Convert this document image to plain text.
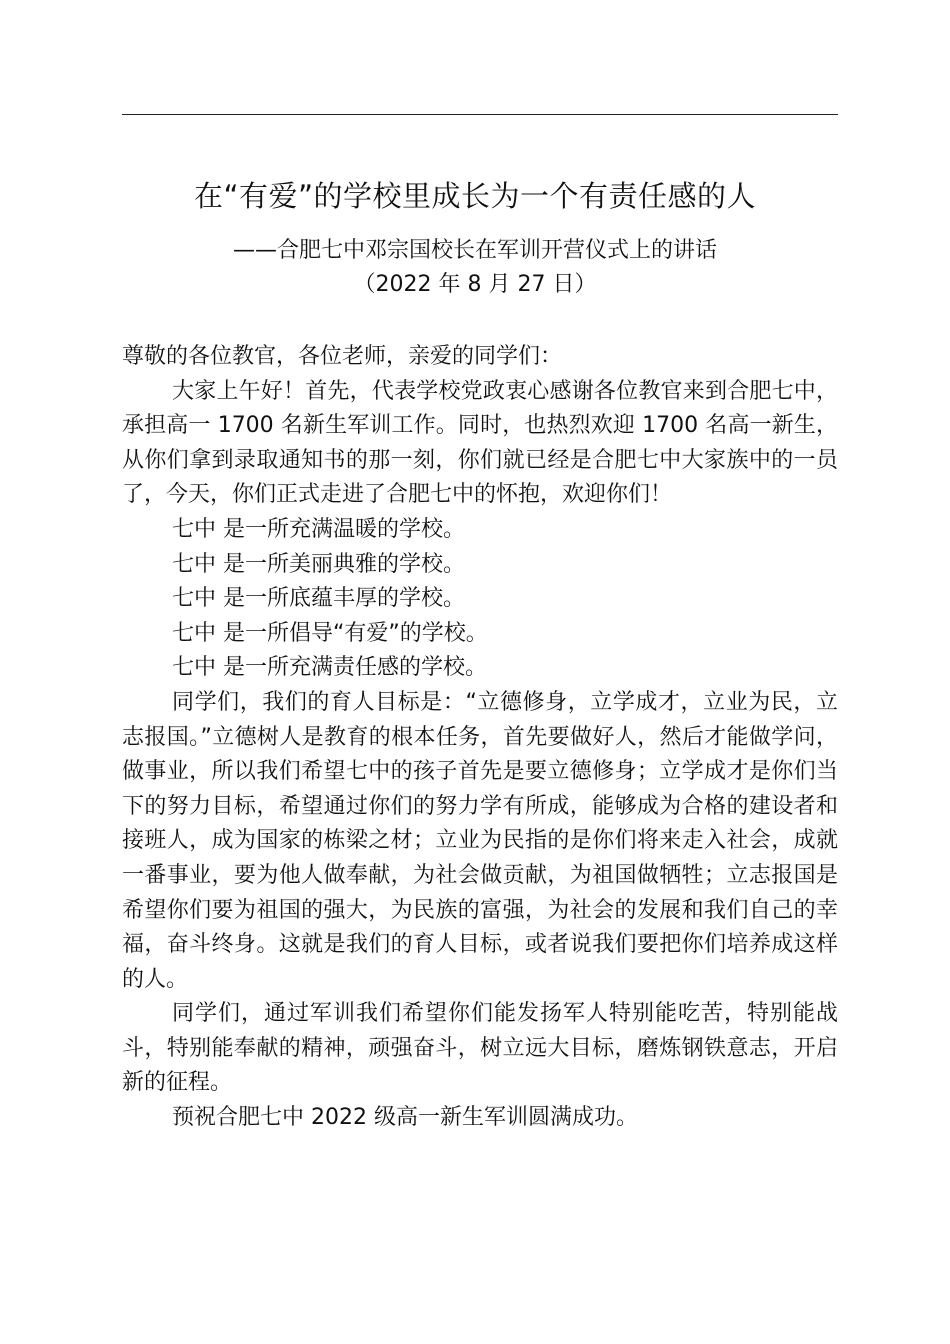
在“有爱”的学校里成长为一个有责任感的人
——合肥七中邓宗国校长在军训开营仪式上的讲话
（2022 年 8 月 27 日）

尊敬的各位教官，各位老师，亲爱的同学们：

大家上午好！首先，代表学校党政衷心感谢各位教官来到合肥七中，承担高一 1700 名新生军训工作。同时，也热烈欢迎 1700 名高一新生，从你们拿到录取通知书的那一刻，你们就已经是合肥七中大家族中的一员了，今天，你们正式走进了合肥七中的怀抱，欢迎你们！

七中 是一所充满温暖的学校。

七中 是一所美丽典雅的学校。

七中 是一所底蕴丰厚的学校。

七中 是一所倡导“有爱”的学校。

七中 是一所充满责任感的学校。

同学们，我们的育人目标是：“立德修身，立学成才，立业为民，立志报国。”立德树人是教育的根本任务，首先要做好人，然后才能做学问，做事业，所以我们希望七中的孩子首先是要立德修身；立学成才是你们当下的努力目标，希望通过你们的努力学有所成，能够成为合格的建设者和接班人，成为国家的栋梁之材；立业为民指的是你们将来走入社会，成就一番事业，要为他人做奉献，为社会做贡献，为祖国做牺牲；立志报国是希望你们要为祖国的强大，为民族的富强，为社会的发展和我们自己的幸福，奋斗终身。这就是我们的育人目标，或者说我们要把你们培养成这样的人。

同学们，通过军训我们希望你们能发扬军人特别能吃苦，特别能战斗，特别能奉献的精神，顽强奋斗，树立远大目标，磨炼钢铁意志，开启新的征程。

预祝合肥七中 2022 级高一新生军训圆满成功。
